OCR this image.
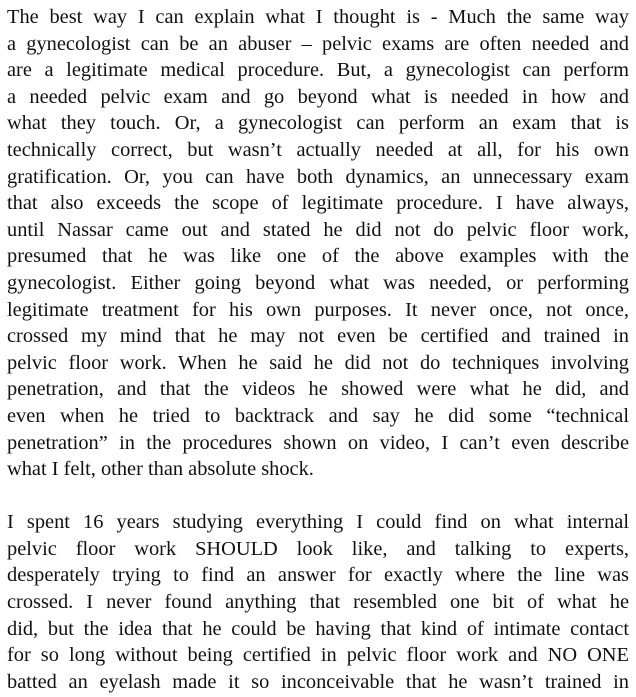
The best way I can explain what I thought is - Much the same way
a gynecologist can be an abuser – pelvic exams are often needed and
are a legitimate medical procedure. But, a gynecologist can perform
a needed pelvic exam and go beyond what is needed in how and
what they touch. Or, a gynecologist can perform an exam that is
technically correct, but wasn’t actually needed at all, for his own
gratification. Or, you can have both dynamics, an unnecessary exam
that also exceeds the scope of legitimate procedure. I have always,
until Nassar came out and stated he did not do pelvic floor work,
presumed that he was like one of the above examples with the
gynecologist. Either going beyond what was needed, or performing
legitimate treatment for his own purposes. It never once, not once,
crossed my mind that he may not even be certified and trained in
pelvic floor work. When he said he did not do techniques involving
penetration, and that the videos he showed were what he did, and
even when he tried to backtrack and say he did some “technical
penetration” in the procedures shown on video, I can’t even describe
what I felt, other than absolute shock.

I spent 16 years studying everything I could find on what internal
pelvic floor work SHOULD look like, and talking to experts,
desperately trying to find an answer for exactly where the line was
crossed. I never found anything that resembled one bit of what he
did, but the idea that he could be having that kind of intimate contact
for so long without being certified in pelvic floor work and NO ONE
batted an eyelash made it so inconceivable that he wasn’t trained in
